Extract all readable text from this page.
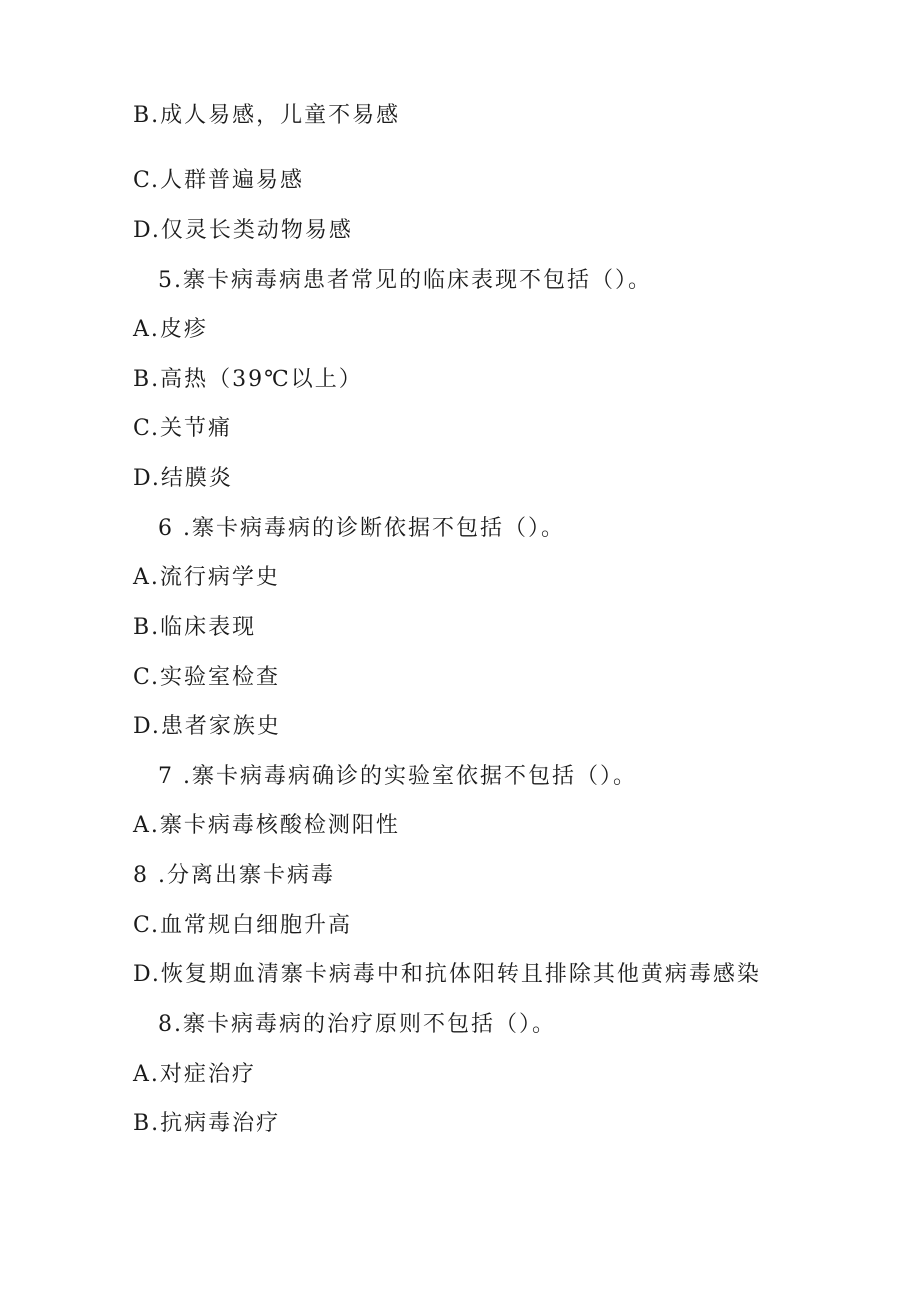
B.成人易感，儿童不易感
C.人群普遍易感
D.仅灵长类动物易感
5.寨卡病毒病患者常见的临床表现不包括（）。
A.皮疹
B.高热（39℃以上）
C.关节痛
D.结膜炎
6 .寨卡病毒病的诊断依据不包括（）。
A.流行病学史
B.临床表现
C.实验室检查
D.患者家族史
7 .寨卡病毒病确诊的实验室依据不包括（）。
A.寨卡病毒核酸检测阳性
8 .分离出寨卡病毒
C.血常规白细胞升高
D.恢复期血清寨卡病毒中和抗体阳转且排除其他黄病毒感染
8.寨卡病毒病的治疗原则不包括（）。
A.对症治疗
B.抗病毒治疗
